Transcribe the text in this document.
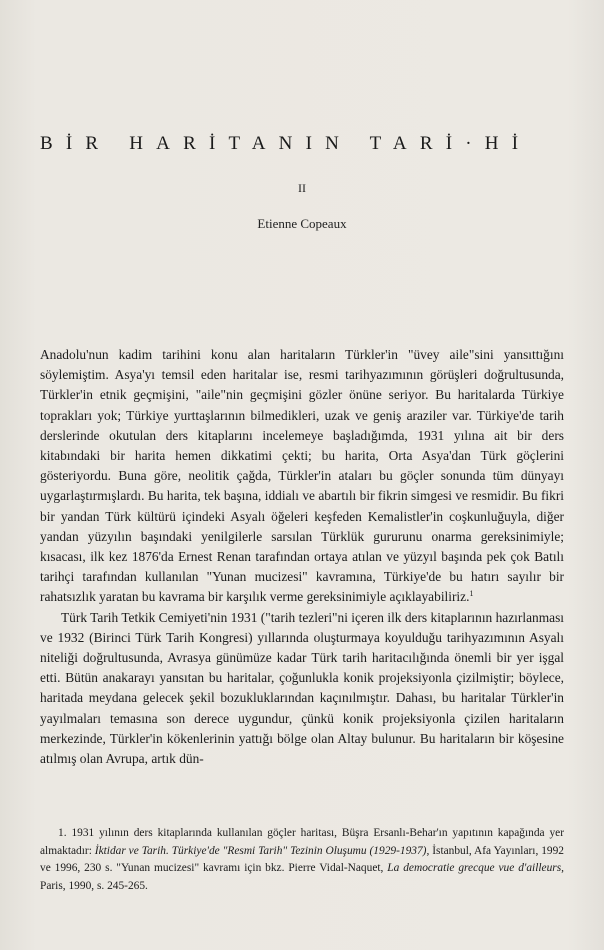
BİR HARİTANIN TARİ·Hİ
II
Etienne Copeaux

Anadolu'nun kadim tarihini konu alan haritaların Türkler'in "üvey aile"sini yansıttığını söylemiştim. Asya'yı temsil eden haritalar ise, resmi tarihyazımının görüşleri doğrultusunda, Türkler'in etnik geçmişini, "aile"nin geçmişini gözler önüne seriyor. Bu haritalarda Türkiye toprakları yok; Türkiye yurttaşlarının bilmedikleri, uzak ve geniş araziler var. Türkiye'de tarih derslerinde okutulan ders kitaplarını incelemeye başladığımda, 1931 yılına ait bir ders kitabındaki bir harita hemen dikkatimi çekti; bu harita, Orta Asya'dan Türk göçlerini gösteriyordu. Buna göre, neolitik çağda, Türkler'in ataları bu göçler sonunda tüm dünyayı uygarlaştırmışlardı. Bu harita, tek başına, iddialı ve abartılı bir fikrin simgesi ve resmidir. Bu fikri bir yandan Türk kültürü içindeki Asyalı öğeleri keşfeden Kemalistler'in coşkunluğuyla, diğer yandan yüzyılın başındaki yenilgilerle sarsılan Türklük gururunu onarma gereksinimiyle; kısacası, ilk kez 1876'da Ernest Renan tarafından ortaya atılan ve yüzyıl başında pek çok Batılı tarihçi tarafından kullanılan "Yunan mucizesi" kavramına, Türkiye'de bu hatırı sayılır bir rahatsızlık yaratan bu kavrama bir karşılık verme gereksinimiyle açıklayabiliriz.$^1$

Türk Tarih Tetkik Cemiyeti'nin 1931 ("tarih tezleri"ni içeren ilk ders kitaplarının hazırlanması ve 1932 (Birinci Türk Tarih Kongresi) yıllarında oluşturmaya koyulduğu tarihyazımının Asyalı niteliği doğrultusunda, Avrasya günümüze kadar Türk tarih haritacılığında önemli bir yer işgal etti. Bütün anakarayı yansıtan bu haritalar, çoğunlukla konik projeksiyonla çizilmiştir; böylece, haritada meydana gelecek şekil bozukluklarından kaçınılmıştır. Dahası, bu haritalar Türkler'in yayılmaları temasına son derece uygundur, çünkü konik projeksiyonla çizilen haritaların merkezinde, Türkler'in kökenlerinin yattığı bölge olan Altay bulunur. Bu haritaların bir köşesine atılmış olan Avrupa, artık dün-

1. 1931 yılının ders kitaplarında kullanılan göçler haritası, Büşra Ersanlı-Behar'ın yapıtının kapağında yer almaktadır: İktidar ve Tarih. Türkiye'de "Resmi Tarih" Tezinin Oluşumu (1929-1937), İstanbul, Afa Yayınları, 1992 ve 1996, 230 s. "Yunan mucizesi" kavramı için bkz. Pierre Vidal-Naquet, La democratie grecque vue d'ailleurs, Paris, 1990, s. 245-265.
